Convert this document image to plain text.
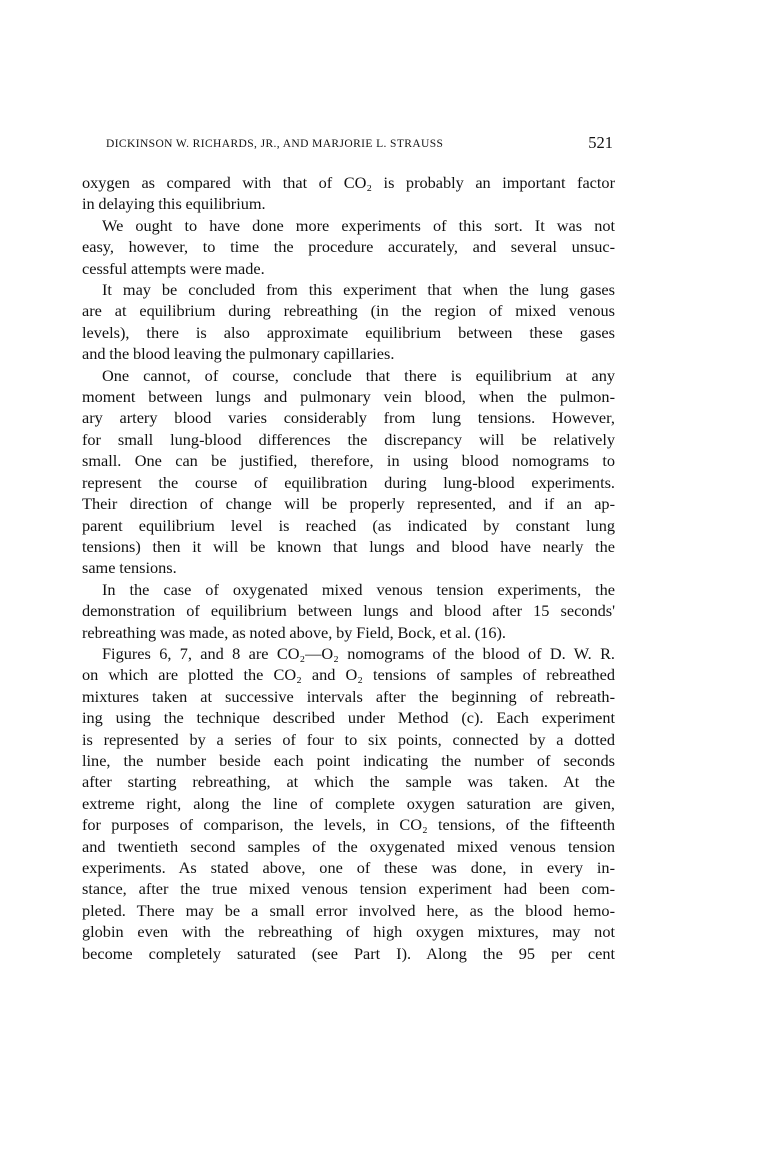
DICKINSON W. RICHARDS, JR., AND MARJORIE L. STRAUSS	521

oxygen as compared with that of CO₂ is probably an important factor

in delaying this equilibrium.

We ought to have done more experiments of this sort. It was not

easy, however, to time the procedure accurately, and several unsuc-

cessful attempts were made.

It may be concluded from this experiment that when the lung gases

are at equilibrium during rebreathing (in the region of mixed venous

levels), there is also approximate equilibrium between these gases

and the blood leaving the pulmonary capillaries.

One cannot, of course, conclude that there is equilibrium at any

moment between lungs and pulmonary vein blood, when the pulmon-

ary artery blood varies considerably from lung tensions. However,

for small lung-blood differences the discrepancy will be relatively

small. One can be justified, therefore, in using blood nomograms to

represent the course of equilibration during lung-blood experiments.

Their direction of change will be properly represented, and if an ap-

parent equilibrium level is reached (as indicated by constant lung

tensions) then it will be known that lungs and blood have nearly the

same tensions.

In the case of oxygenated mixed venous tension experiments, the

demonstration of equilibrium between lungs and blood after 15 seconds'

rebreathing was made, as noted above, by Field, Bock, et al. (16).

Figures 6, 7, and 8 are CO₂—O₂ nomograms of the blood of D. W. R.

on which are plotted the CO₂ and O₂ tensions of samples of rebreathed

mixtures taken at successive intervals after the beginning of rebreath-

ing using the technique described under Method (c). Each experiment

is represented by a series of four to six points, connected by a dotted

line, the number beside each point indicating the number of seconds

after starting rebreathing, at which the sample was taken. At the

extreme right, along the line of complete oxygen saturation are given,

for purposes of comparison, the levels, in CO₂ tensions, of the fifteenth

and twentieth second samples of the oxygenated mixed venous tension

experiments. As stated above, one of these was done, in every in-

stance, after the true mixed venous tension experiment had been com-

pleted. There may be a small error involved here, as the blood hemo-

globin even with the rebreathing of high oxygen mixtures, may not

become completely saturated (see Part I). Along the 95 per cent
